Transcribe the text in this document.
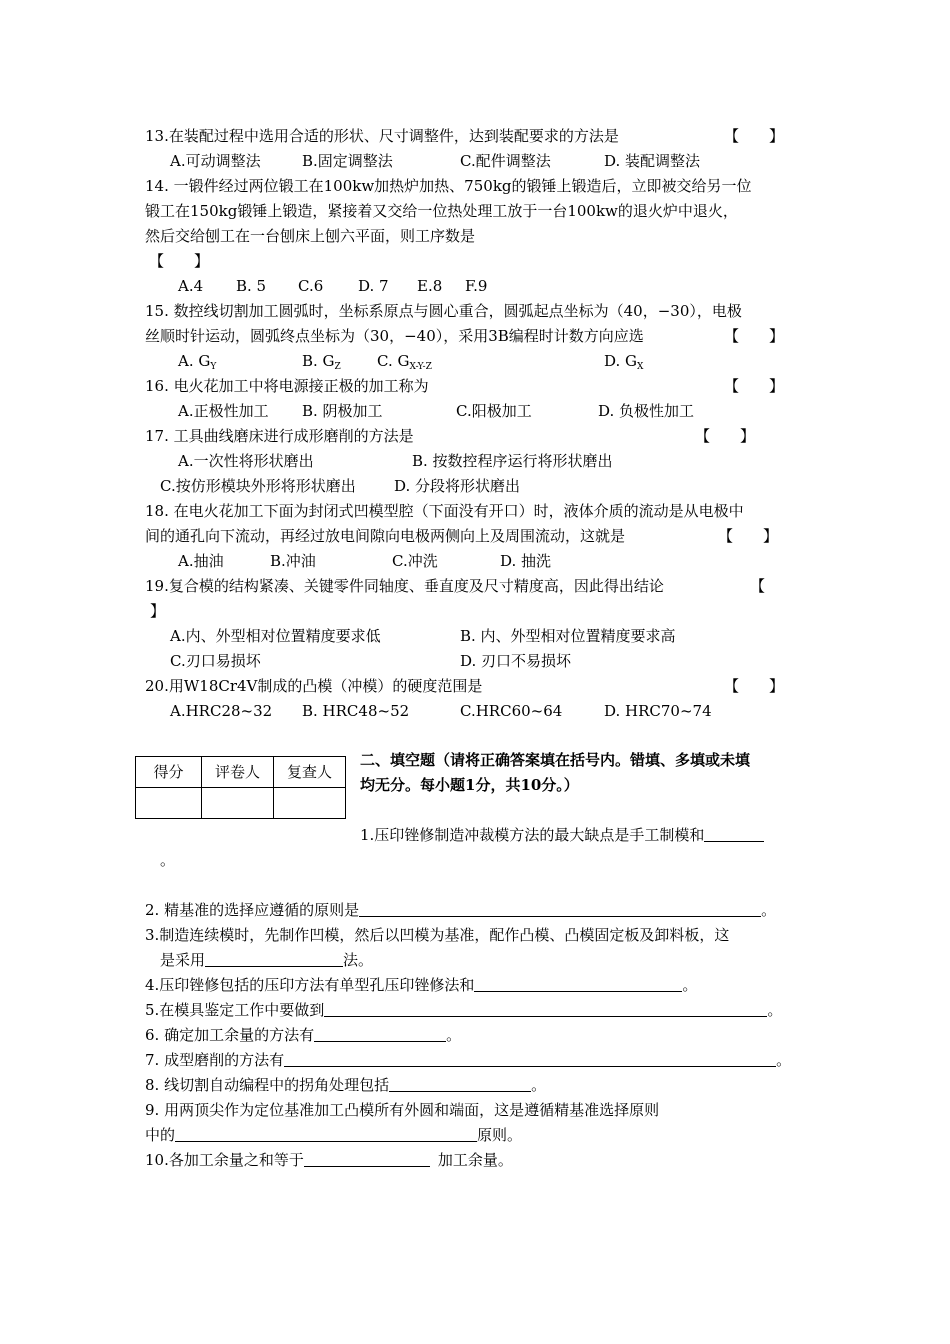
13.在装配过程中选用合适的形状、尺寸调整件，达到装配要求的方法是	【　　】
A.可动调整法	B.固定调整法	C.配件调整法	D. 装配调整法
14. 一锻件经过两位锻工在100kw加热炉加热、750kg的锻锤上锻造后，立即被交给另一位
锻工在150kg锻锤上锻造，紧接着又交给一位热处理工放于一台100kw的退火炉中退火，
然后交给刨工在一台刨床上刨六平面，则工序数是
【　　】
A.4 B. 5 C.6 D. 7 E.8 F.9
15. 数控线切割加工圆弧时，坐标系原点与圆心重合，圆弧起点坐标为（40，−30），电极
丝顺时针运动，圆弧终点坐标为（30，−40），采用3B编程时计数方向应选	【　　】
A. $G_Y$	B. $G_Z$ C. $G_{X-Y-Z}$	D. $G_X$
16. 电火花加工中将电源接正极的加工称为	【　　】
A.正极性加工 B. 阴极加工	C.阳极加工	D. 负极性加工
17. 工具曲线磨床进行成形磨削的方法是	【　　】
A.一次性将形状磨出	B. 按数控程序运行将形状磨出
C.按仿形模块外形将形状磨出	D. 分段将形状磨出
18. 在电火花加工下面为封闭式凹模型腔（下面没有开口）时，液体介质的流动是从电极中
间的通孔向下流动，再经过放电间隙向电极两侧向上及周围流动，这就是	【　　】
A.抽油	B.冲油	C.冲洗	D. 抽洗
19.复合模的结构紧凑、关键零件同轴度、垂直度及尺寸精度高，因此得出结论	【
】
A.内、外型相对位置精度要求低	B. 内、外型相对位置精度要求高
C.刃口易损坏	D. 刃口不易损坏
20.用W18Cr4V制成的凸模（冲模）的硬度范围是	【　　】
A.HRC28~32 B. HRC48~52	C.HRC60~64	D. HRC70~74
得分	评卷人	复查人

二、填空题（请将正确答案填在括号内。错填、多填或未填
均无分。每小题1分，共10分。）
1.压印锉修制造冲裁模方法的最大缺点是手工制模和
。
2. 精基准的选择应遵循的原则是	。
3.制造连续模时，先制作凹模，然后以凹模为基准，配作凸模、凸模固定板及卸料板，这
是采用	法。
4.压印锉修包括的压印方法有单型孔压印锉修法和	。
5.在模具鉴定工作中要做到	。
6. 确定加工余量的方法有	。
7. 成型磨削的方法有	。
8. 线切割自动编程中的拐角处理包括	。
9. 用两顶尖作为定位基准加工凸模所有外圆和端面，这是遵循精基准选择原则
中的	原则。
10.各加工余量之和等于	加工余量。
